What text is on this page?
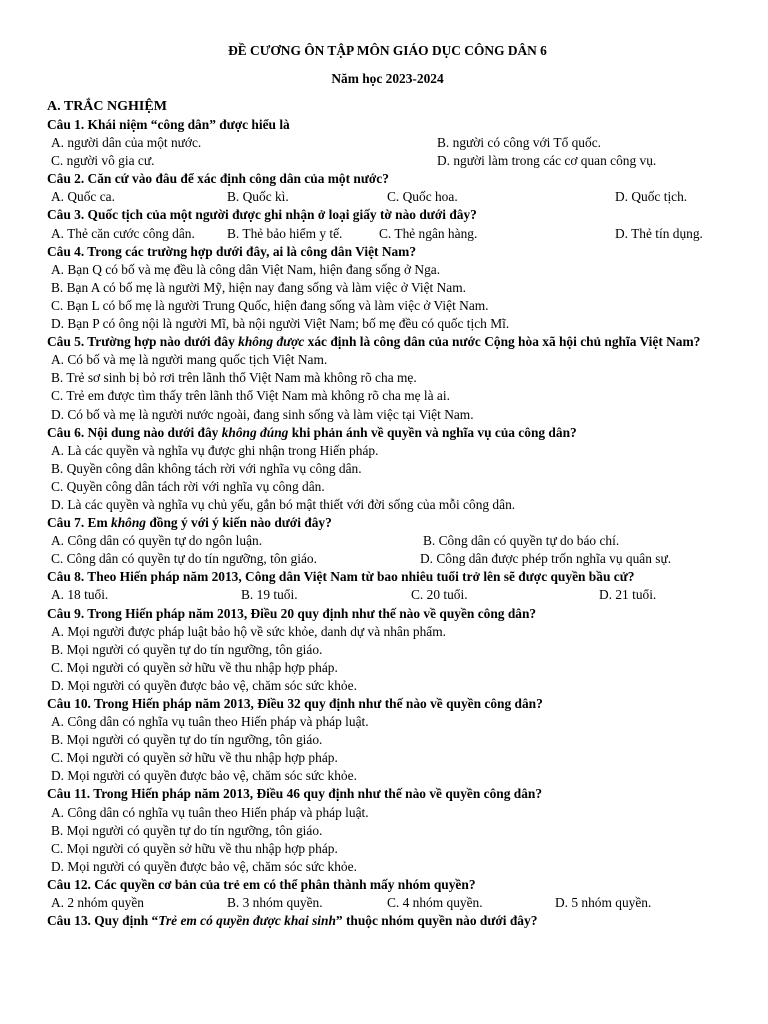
ĐỀ CƯƠNG ÔN TẬP MÔN GIÁO DỤC CÔNG DÂN 6
Năm học 2023-2024
A. TRẮC NGHIỆM
Câu 1. Khái niệm “công dân” được hiểu là
A. người dân của một nước.	B. người có công với Tổ quốc.
C. người vô gia cư.	D. người làm trong các cơ quan công vụ.
Câu 2. Căn cứ vào đâu để xác định công dân của một nước?
A. Quốc ca.	B. Quốc kì.	C. Quốc hoa.	D. Quốc tịch.
Câu 3. Quốc tịch của một người được ghi nhận ở loại giấy tờ nào dưới đây?
A. Thẻ căn cước công dân.	B. Thẻ bảo hiểm y tế.	C. Thẻ ngân hàng.	D. Thẻ tín dụng.
Câu 4. Trong các trường hợp dưới đây, ai là công dân Việt Nam?
A. Bạn Q có bố và mẹ đều là công dân Việt Nam, hiện đang sống ở Nga.
B. Bạn A có bố mẹ là người Mỹ, hiện nay đang sống và làm việc ở Việt Nam.
C. Bạn L có bố mẹ là người Trung Quốc, hiện đang sống và làm việc ở Việt Nam.
D. Bạn P có ông nội là người Mĩ, bà nội người Việt Nam; bố mẹ đều có quốc tịch Mĩ.
Câu 5. Trường hợp nào dưới đây không được xác định là công dân của nước Cộng hòa xã hội chủ nghĩa Việt Nam?
A. Có bố và mẹ là người mang quốc tịch Việt Nam.
B. Trẻ sơ sinh bị bỏ rơi trên lãnh thổ Việt Nam mà không rõ cha mẹ.
C. Trẻ em được tìm thấy trên lãnh thổ Việt Nam mà không rõ cha mẹ là ai.
D. Có bố và mẹ là người nước ngoài, đang sinh sống và làm việc tại Việt Nam.
Câu 6. Nội dung nào dưới đây không đúng khi phản ánh về quyền và nghĩa vụ của công dân?
A. Là các quyền và nghĩa vụ được ghi nhận trong Hiến pháp.
B. Quyền công dân không tách rời với nghĩa vụ công dân.
C. Quyền công dân tách rời với nghĩa vụ công dân.
D. Là các quyền và nghĩa vụ chủ yếu, gắn bó mật thiết với đời sống của mỗi công dân.
Câu 7. Em không đồng ý với ý kiến nào dưới đây?
A. Công dân có quyền tự do ngôn luận.	B. Công dân có quyền tự do báo chí.
C. Công dân có quyền tự do tín ngưỡng, tôn giáo.	D. Công dân được phép trốn nghĩa vụ quân sự.
Câu 8. Theo Hiến pháp năm 2013, Công dân Việt Nam từ bao nhiêu tuổi trở lên sẽ được quyền bầu cử?
A. 18 tuổi.	B. 19 tuổi.	C. 20 tuổi.	D. 21 tuổi.
Câu 9. Trong Hiến pháp năm 2013, Điều 20 quy định như thế nào về quyền công dân?
A. Mọi người được pháp luật bảo hộ về sức khỏe, danh dự và nhân phẩm.
B. Mọi người có quyền tự do tín ngưỡng, tôn giáo.
C. Mọi người có quyền sở hữu về thu nhập hợp pháp.
D. Mọi người có quyền được bảo vệ, chăm sóc sức khỏe.
Câu 10. Trong Hiến pháp năm 2013, Điều 32 quy định như thế nào về quyền công dân?
A. Công dân có nghĩa vụ tuân theo Hiến pháp và pháp luật.
B. Mọi người có quyền tự do tín ngưỡng, tôn giáo.
C. Mọi người có quyền sở hữu về thu nhập hợp pháp.
D. Mọi người có quyền được bảo vệ, chăm sóc sức khỏe.
Câu 11. Trong Hiến pháp năm 2013, Điều 46 quy định như thế nào về quyền công dân?
A. Công dân có nghĩa vụ tuân theo Hiến pháp và pháp luật.
B. Mọi người có quyền tự do tín ngưỡng, tôn giáo.
C. Mọi người có quyền sở hữu về thu nhập hợp pháp.
D. Mọi người có quyền được bảo vệ, chăm sóc sức khỏe.
Câu 12. Các quyền cơ bản của trẻ em có thể phân thành mấy nhóm quyền?
A. 2 nhóm quyền	B. 3 nhóm quyền.	C. 4 nhóm quyền.	D. 5 nhóm quyền.
Câu 13. Quy định “Trẻ em có quyền được khai sinh” thuộc nhóm quyền nào dưới đây?
